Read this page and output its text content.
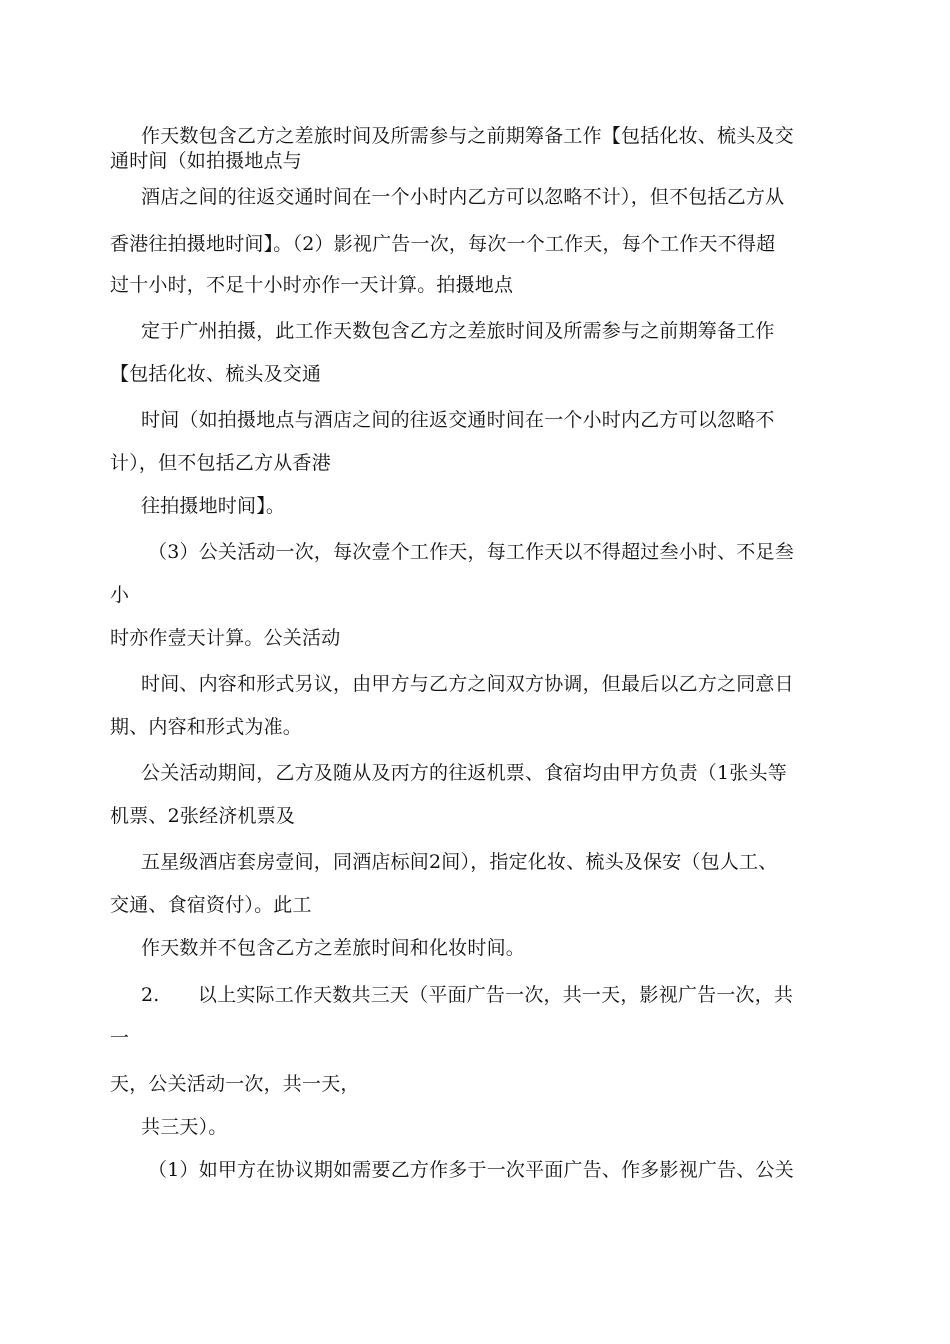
作天数包含乙方之差旅时间及所需参与之前期筹备工作【包括化妆、梳头及交
通时间（如拍摄地点与
酒店之间的往返交通时间在一个小时内乙方可以忽略不计），但不包括乙方从
香港往拍摄地时间】。（2）影视广告一次，每次一个工作天，每个工作天不得超
过十小时，不足十小时亦作一天计算。拍摄地点
定于广州拍摄，此工作天数包含乙方之差旅时间及所需参与之前期筹备工作
【包括化妆、梳头及交通
时间（如拍摄地点与酒店之间的往返交通时间在一个小时内乙方可以忽略不
计），但不包括乙方从香港
往拍摄地时间】。
（3）公关活动一次，每次壹个工作天，每工作天以不得超过叁小时、不足叁
小
时亦作壹天计算。公关活动
时间、内容和形式另议，由甲方与乙方之间双方协调，但最后以乙方之同意日
期、内容和形式为准。
公关活动期间，乙方及随从及丙方的往返机票、食宿均由甲方负责（1张头等
机票、2张经济机票及
五星级酒店套房壹间，同酒店标间2间），指定化妆、梳头及保安（包人工、
交通、食宿资付）。此工
作天数并不包含乙方之差旅时间和化妆时间。
2.　　以上实际工作天数共三天（平面广告一次，共一天，影视广告一次，共
一
天，公关活动一次，共一天，
共三天）。
（1）如甲方在协议期如需要乙方作多于一次平面广告、作多影视广告、公关
